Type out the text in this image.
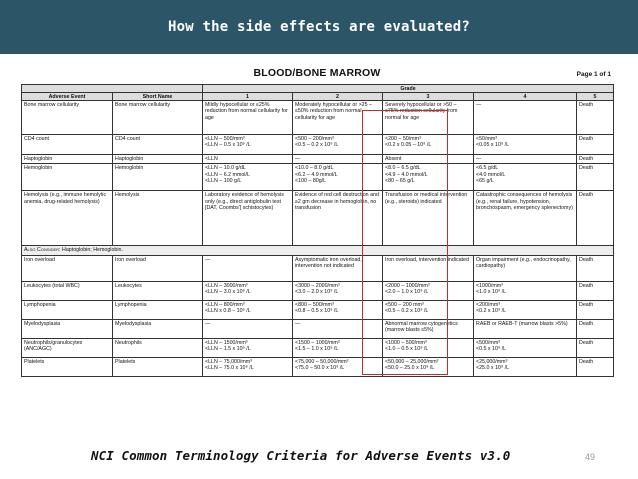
How the side effects are evaluated?
BLOOD/BONE MARROW	Page 1 of 1
		Grade				
Adverse Event	Short Name	1	2	3	4	5
Bone marrow cellularity	Bone marrow cellularity	Mildly hypocellular or ≤25% reduction from normal cellularity for age	Moderately hypocellular or >25 – ≤50% reduction from normal cellularity for age	Severely hypocellular or >50 – ≤75% reduction cellularity from normal for age	—	Death
CD4 count	CD4 count	<LLN – 500/mm³
<LLN – 0.5 x 10⁹ /L	<500 – 200/mm³
<0.5 – 0.2 x 10⁹ /L	<200 – 50/mm³
<0.2 x 0.05 – 10⁹ /L	<50/mm³
<0.05 x 10⁹ /L	Death
Haptoglobin	Haptoglobin	<LLN	—	Absent	—	Death
Hemoglobin	Hemoglobin	<LLN – 10.0 g/dL
<LLN – 6.2 mmol/L
<LLN – 100 g/L	<10.0 – 8.0 g/dL
<6.2 – 4.9 mmol/L
<100 – 80g/L	<8.0 – 6.5 g/dL
<4.9 – 4.0 mmol/L
<80 – 65 g/L	<6.5 g/dL
<4.0 mmol/L
<65 g/L	Death
Hemolysis (e.g., immune hemolytic anemia, drug-related hemolysis)	Hemolysis	Laboratory evidence of hemolysis only (e.g., direct antiglobulin test [DAT, Coombs'] schistocytes)	Evidence of red cell destruction and ≥2 gm decrease in hemoglobin, no transfusion	Transfusion or medical intervention (e.g., steroids) indicated	Catastrophic consequences of hemolysis (e.g., renal failure, hypotension, bronchospasm, emergency splenectomy)	Death
Also Consider: Haptoglobin; Hemoglobin.						
Iron overload	Iron overload	—	Asymptomatic iron overload, intervention not indicated	Iron overload, intervention indicated	Organ impairment (e.g., endocrinopathy, cardiopathy)	Death
Leukocytes (total WBC)	Leukocytes	<LLN – 3000/mm³
<LLN – 3.0 x 10⁹ /L	<3000 – 2000/mm³
<3.0 – 2.0 x 10⁹ /L	<2000 – 1000/mm³
<2.0 – 1.0 x 10⁹ /L	<1000/mm³
<1.0 x 10⁹ /L	Death
Lymphopenia	Lymphopenia	<LLN – 800/mm³
<LLN x 0.8 – 10⁹ /L	<800 – 500/mm³
<0.8 – 0.5 x 10⁹ /L	<500 – 200 mm³
<0.5 – 0.2 x 10⁹ /L	<200/mm³
<0.2 x 10⁹ /L	Death
Myelodysplasia	Myelodysplasia	—	—	Abnormal marrow cytogenetics (marrow blasts ≤5%)	RAEB or RAEB-T (marrow blasts >5%)	Death
Neutrophils/granulocytes (ANC/AGC)	Neutrophils	<LLN – 1500/mm³
<LLN – 1.5 x 10⁹ /L	<1500 – 1000/mm³
<1.5 – 1.0 x 10⁹ /L	<1000 – 500/mm³
<1.0 – 0.5 x 10⁹ /L	<500/mm³
<0.5 x 10⁹ /L	Death
Platelets	Platelets	<LLN – 75,000/mm³
<LLN – 75.0 x 10⁹ /L	<75,000 – 50,000/mm³
<75.0 – 50.0 x 10⁹ /L	<50,000 – 25,000/mm³
<50.0 – 25.0 x 10⁹ /L	<25,000/mm³
<25.0 x 10⁹ /L	Death
NCI Common Terminology Criteria for Adverse Events v3.0	49
